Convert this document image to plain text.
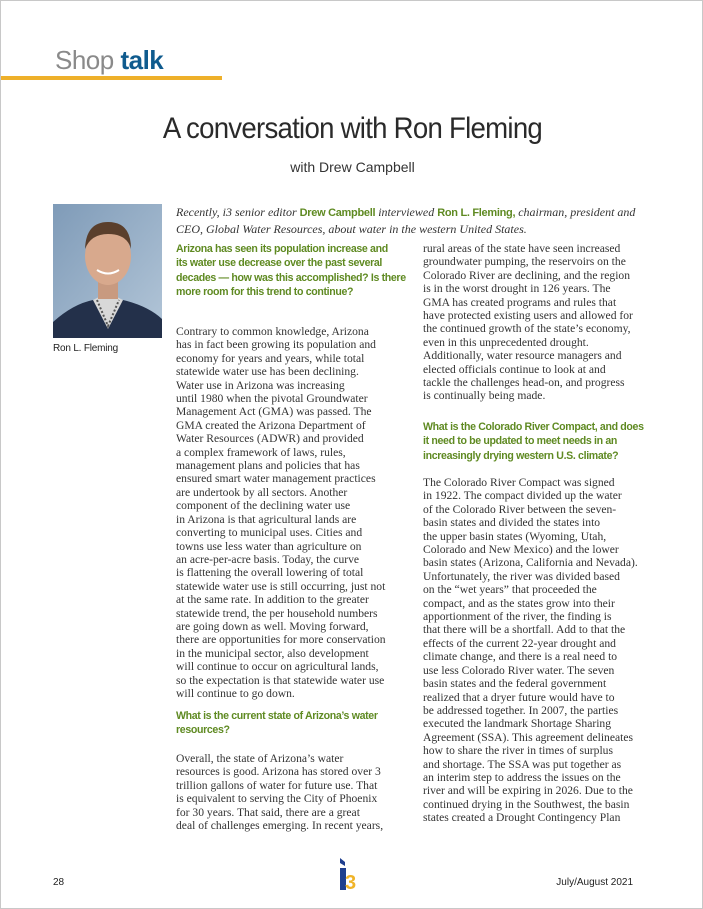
Shop talk
A conversation with Ron Fleming
with Drew Campbell
Ron L. Fleming
Recently, i3 senior editor Drew Campbell interviewed Ron L. Fleming, chairman, president and
CEO, Global Water Resources, about water in the western United States.
Arizona has seen its population increase and
its water use decrease over the past several
decades — how was this accomplished? Is there
more room for this trend to continue?
Contrary to common knowledge, Arizona
has in fact been growing its population and
economy for years and years, while total
statewide water use has been declining.
Water use in Arizona was increasing
until 1980 when the pivotal Groundwater
Management Act (GMA) was passed. The
GMA created the Arizona Department of
Water Resources (ADWR) and provided
a complex framework of laws, rules,
management plans and policies that has
ensured smart water management practices
are undertook by all sectors. Another
component of the declining water use
in Arizona is that agricultural lands are
converting to municipal uses. Cities and
towns use less water than agriculture on
an acre-per-acre basis. Today, the curve
is flattening the overall lowering of total
statewide water use is still occurring, just not
at the same rate. In addition to the greater
statewide trend, the per household numbers
are going down as well. Moving forward,
there are opportunities for more conservation
in the municipal sector, also development
will continue to occur on agricultural lands,
so the expectation is that statewide water use
will continue to go down.
What is the current state of Arizona’s water
resources?
Overall, the state of Arizona’s water
resources is good. Arizona has stored over 3
trillion gallons of water for future use. That
is equivalent to serving the City of Phoenix
for 30 years. That said, there are a great
deal of challenges emerging. In recent years,
rural areas of the state have seen increased
groundwater pumping, the reservoirs on the
Colorado River are declining, and the region
is in the worst drought in 126 years. The
GMA has created programs and rules that
have protected existing users and allowed for
the continued growth of the state’s economy,
even in this unprecedented drought.
Additionally, water resource managers and
elected officials continue to look at and
tackle the challenges head-on, and progress
is continually being made.
What is the Colorado River Compact, and does
it need to be updated to meet needs in an
increasingly drying western U.S. climate?
The Colorado River Compact was signed
in 1922. The compact divided up the water
of the Colorado River between the seven-
basin states and divided the states into
the upper basin states (Wyoming, Utah,
Colorado and New Mexico) and the lower
basin states (Arizona, California and Nevada).
Unfortunately, the river was divided based
on the “wet years” that proceeded the
compact, and as the states grow into their
apportionment of the river, the finding is
that there will be a shortfall. Add to that the
effects of the current 22-year drought and
climate change, and there is a real need to
use less Colorado River water. The seven
basin states and the federal government
realized that a dryer future would have to
be addressed together. In 2007, the parties
executed the landmark Shortage Sharing
Agreement (SSA). This agreement delineates
how to share the river in times of surplus
and shortage. The SSA was put together as
an interim step to address the issues on the
river and will be expiring in 2026. Due to the
continued drying in the Southwest, the basin
states created a Drought Contingency Plan
28	3	July/August 2021
